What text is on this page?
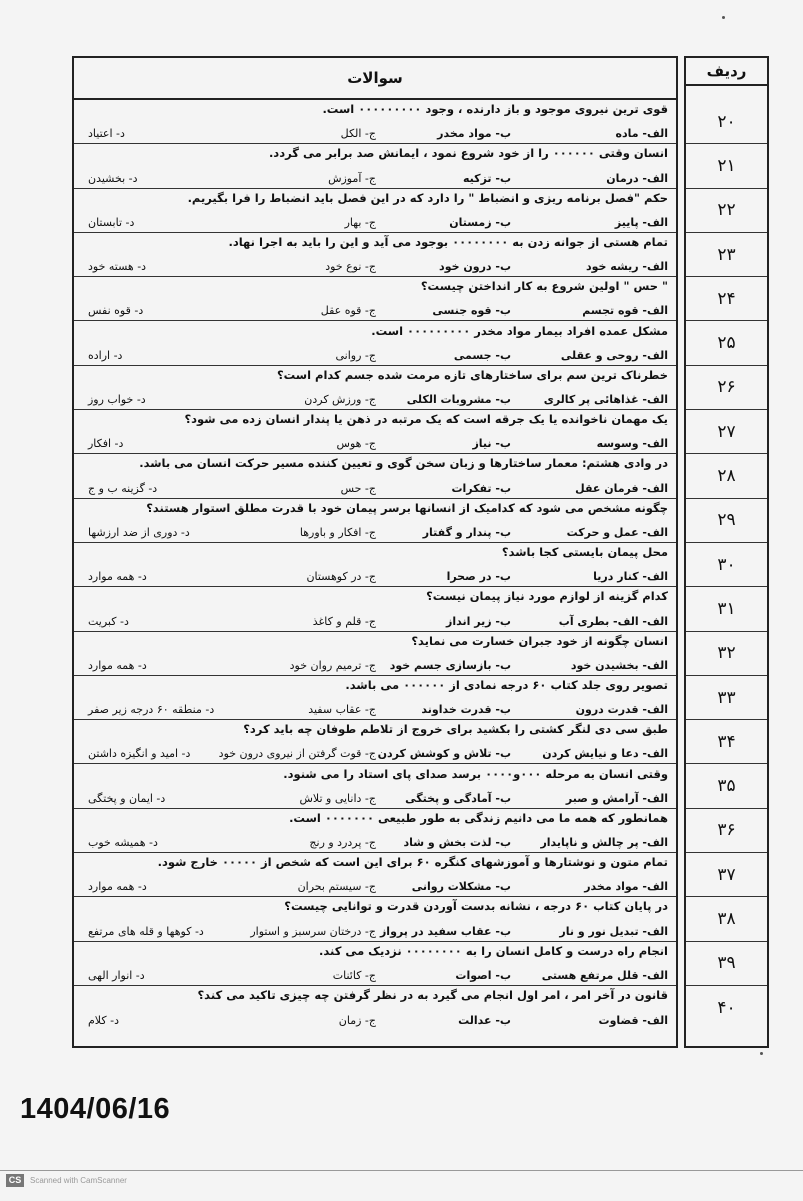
سوالات
قوی ترین نیروی موجود و باز دارنده ، وجود ۰۰۰۰۰۰۰۰۰ است.
الف- ماده
ب- مواد مخدر
ج- الکل
د- اعتیاد
انسان وقتی ۰۰۰۰۰۰ را از خود شروع نمود ، ایمانش صد برابر می گردد.
الف- درمان
ب- تزکیه
ج- آموزش
د- بخشیدن
حکم "فصل برنامه ریزی و انضباط " را دارد که در این فصل باید انضباط را فرا بگیریم.
الف- پاییز
ب- زمستان
ج- بهار
د- تابستان
تمام هستی از جوانه زدن به ۰۰۰۰۰۰۰۰ بوجود می آید و این را باید به اجرا نهاد.
الف- ریشه خود
ب- درون خود
ج- نوع خود
د- هسته خود
" حس " اولین شروع به کار انداختن چیست؟
الف- قوه تجسم
ب- قوه جنسی
ج- قوه عقل
د- قوه نفس
مشکل عمده افراد بیمار مواد مخدر ۰۰۰۰۰۰۰۰۰ است.
الف- روحی و عقلی
ب- جسمی
ج- روانی
د- اراده
خطرناک ترین سم برای ساختارهای تازه مرمت شده جسم کدام است؟
الف- غذاهائی پر کالری
ب- مشروبات الکلی
ج- ورزش کردن
د- خواب روز
یک مهمان ناخوانده یا یک جرقه است که یک مرتبه در ذهن یا پندار انسان زده می شود؟
الف- وسوسه
ب- نیاز
ج- هوس
د- افکار
در وادی هشتم: معمار ساختارها و زبان سخن گوی و تعیین کننده مسیر حرکت انسان می باشد.
الف- فرمان عقل
ب- تفکرات
ج- حس
د- گزینه ب و ج
چگونه مشخص می شود که کدامیک از انسانها برسر پیمان خود با قدرت مطلق استوار هستند؟
الف- عمل و حرکت
ب- پندار و گفتار
ج- افکار و باورها
د- دوری از ضد ارزشها
محل پیمان بایستی کجا باشد؟
الف- کنار دریا
ب- در صحرا
ج- در کوهستان
د- همه موارد
کدام گزینه از لوازم مورد نیاز پیمان نیست؟
الف- الف- بطری آب
ب- زیر انداز
ج- قلم و کاغذ
د- کبریت
انسان چگونه از خود جبران خسارت می نماید؟
الف- بخشیدن خود
ب- بازسازی جسم خود
ج- ترمیم روان خود
د- همه موارد
تصویر روی جلد کتاب ۶۰ درجه نمادی از ۰۰۰۰۰۰ می باشد.
الف- قدرت درون
ب- قدرت خداوند
ج- عقاب سفید
د- منطقه ۶۰ درجه زیر صفر
طبق سی دی لنگر کشتی را بکشید برای خروج از تلاطم طوفان چه باید کرد؟
الف- دعا و نیایش کردن
ب- تلاش و کوشش کردن
ج- قوت گرفتن از نیروی درون خود
د- امید و انگیزه داشتن
وقتی انسان به مرحله ۰۰۰و۰۰۰۰ برسد صدای پای استاد را می شنود.
الف- آرامش و صبر
ب- آمادگی و پختگی
ج- دانایی و تلاش
د- ایمان و پختگی
همانطور که همه ما می دانیم زندگی به طور طبیعی ۰۰۰۰۰۰۰ است.
الف- پر چالش و ناپایدار
ب- لذت بخش و شاد
ج- پردرد و رنج
د- همیشه خوب
تمام متون و نوشتارها و آموزشهای کنگره ۶۰ برای این است که شخص از ۰۰۰۰۰ خارج شود.
الف- مواد مخدر
ب- مشکلات روانی
ج- سیستم بحران
د- همه موارد
در پایان کتاب ۶۰ درجه ، نشانه بدست آوردن قدرت و توانایی چیست؟
الف- تبدیل نور و نار
ب- عقاب سفید در پرواز
ج- درختان سرسبز و استوار
د- کوهها و قله های مرتفع
انجام راه درست و کامل انسان را به ۰۰۰۰۰۰۰۰ نزدیک می کند.
الف- قلل مرتفع هستی
ب- اصوات
ج- کائنات
د- انوار الهی
قانون در آخر امر ، امر اول انجام می گیرد به در نظر گرفتن چه چیزی تاکید می کند؟
الف- قضاوت
ب- عدالت
ج- زمان
د- کلام
ردیف
۲۰
۲۱
۲۲
۲۳
۲۴
۲۵
۲۶
۲۷
۲۸
۲۹
۳۰
۳۱
۳۲
۳۳
۳۴
۳۵
۳۶
۳۷
۳۸
۳۹
۴۰
1404/06/16
CS	Scanned with CamScanner
